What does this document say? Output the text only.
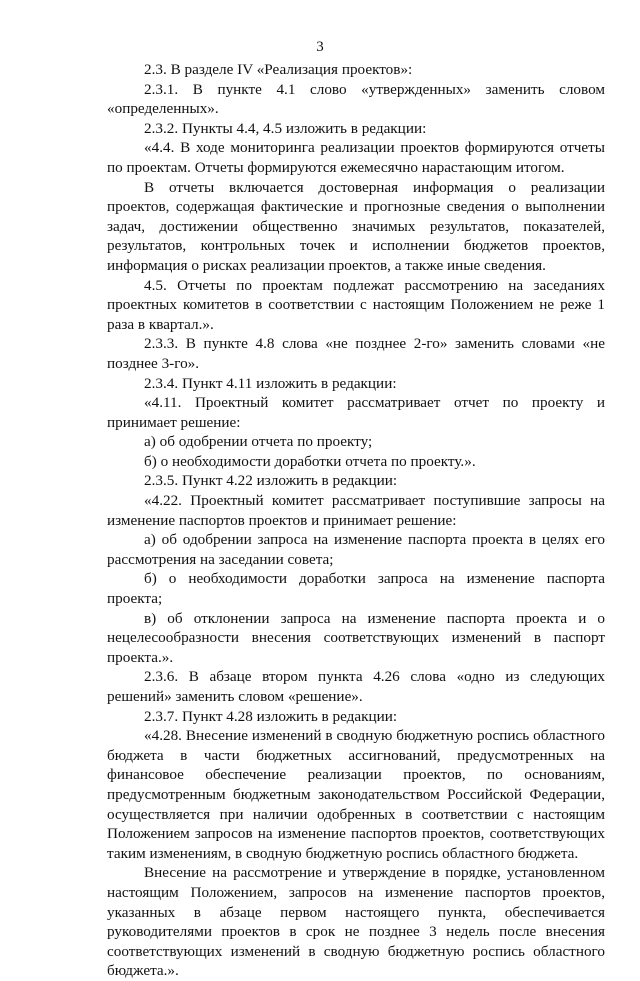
3

2.3. В разделе IV «Реализация проектов»:

2.3.1. В пункте 4.1 слово «утвержденных» заменить словом «определенных».

2.3.2. Пункты 4.4, 4.5 изложить в редакции:

«4.4. В ходе мониторинга реализации проектов формируются отчеты по проектам. Отчеты формируются ежемесячно нарастающим итогом.

В отчеты включается достоверная информация о реализации проектов, содержащая фактические и прогнозные сведения о выполнении задач, достижении общественно значимых результатов, показателей, результатов, контрольных точек и исполнении бюджетов проектов, информация о рисках реализации проектов, а также иные сведения.

4.5. Отчеты по проектам подлежат рассмотрению на заседаниях проектных комитетов в соответствии с настоящим Положением не реже 1 раза в квартал.».

2.3.3. В пункте 4.8 слова «не позднее 2-го» заменить словами «не позднее 3-го».

2.3.4. Пункт 4.11 изложить в редакции:

«4.11. Проектный комитет рассматривает отчет по проекту и принимает решение:

а) об одобрении отчета по проекту;

б) о необходимости доработки отчета по проекту.».

2.3.5. Пункт 4.22 изложить в редакции:

«4.22. Проектный комитет рассматривает поступившие запросы на изменение паспортов проектов и принимает решение:

а) об одобрении запроса на изменение паспорта проекта в целях его рассмотрения на заседании совета;

б) о необходимости доработки запроса на изменение паспорта проекта;

в) об отклонении запроса на изменение паспорта проекта и о нецелесообразности внесения соответствующих изменений в паспорт проекта.».

2.3.6. В абзаце втором пункта 4.26 слова «одно из следующих решений» заменить словом «решение».

2.3.7. Пункт 4.28 изложить в редакции:

«4.28. Внесение изменений в сводную бюджетную роспись областного бюджета в части бюджетных ассигнований, предусмотренных на финансовое обеспечение реализации проектов, по основаниям, предусмотренным бюджетным законодательством Российской Федерации, осуществляется при наличии одобренных в соответствии с настоящим Положением запросов на изменение паспортов проектов, соответствующих таким изменениям, в сводную бюджетную роспись областного бюджета.

Внесение на рассмотрение и утверждение в порядке, установленном настоящим Положением, запросов на изменение паспортов проектов, указанных в абзаце первом настоящего пункта, обеспечивается руководителями проектов в срок не позднее 3 недель после внесения соответствующих изменений в сводную бюджетную роспись областного бюджета.».
